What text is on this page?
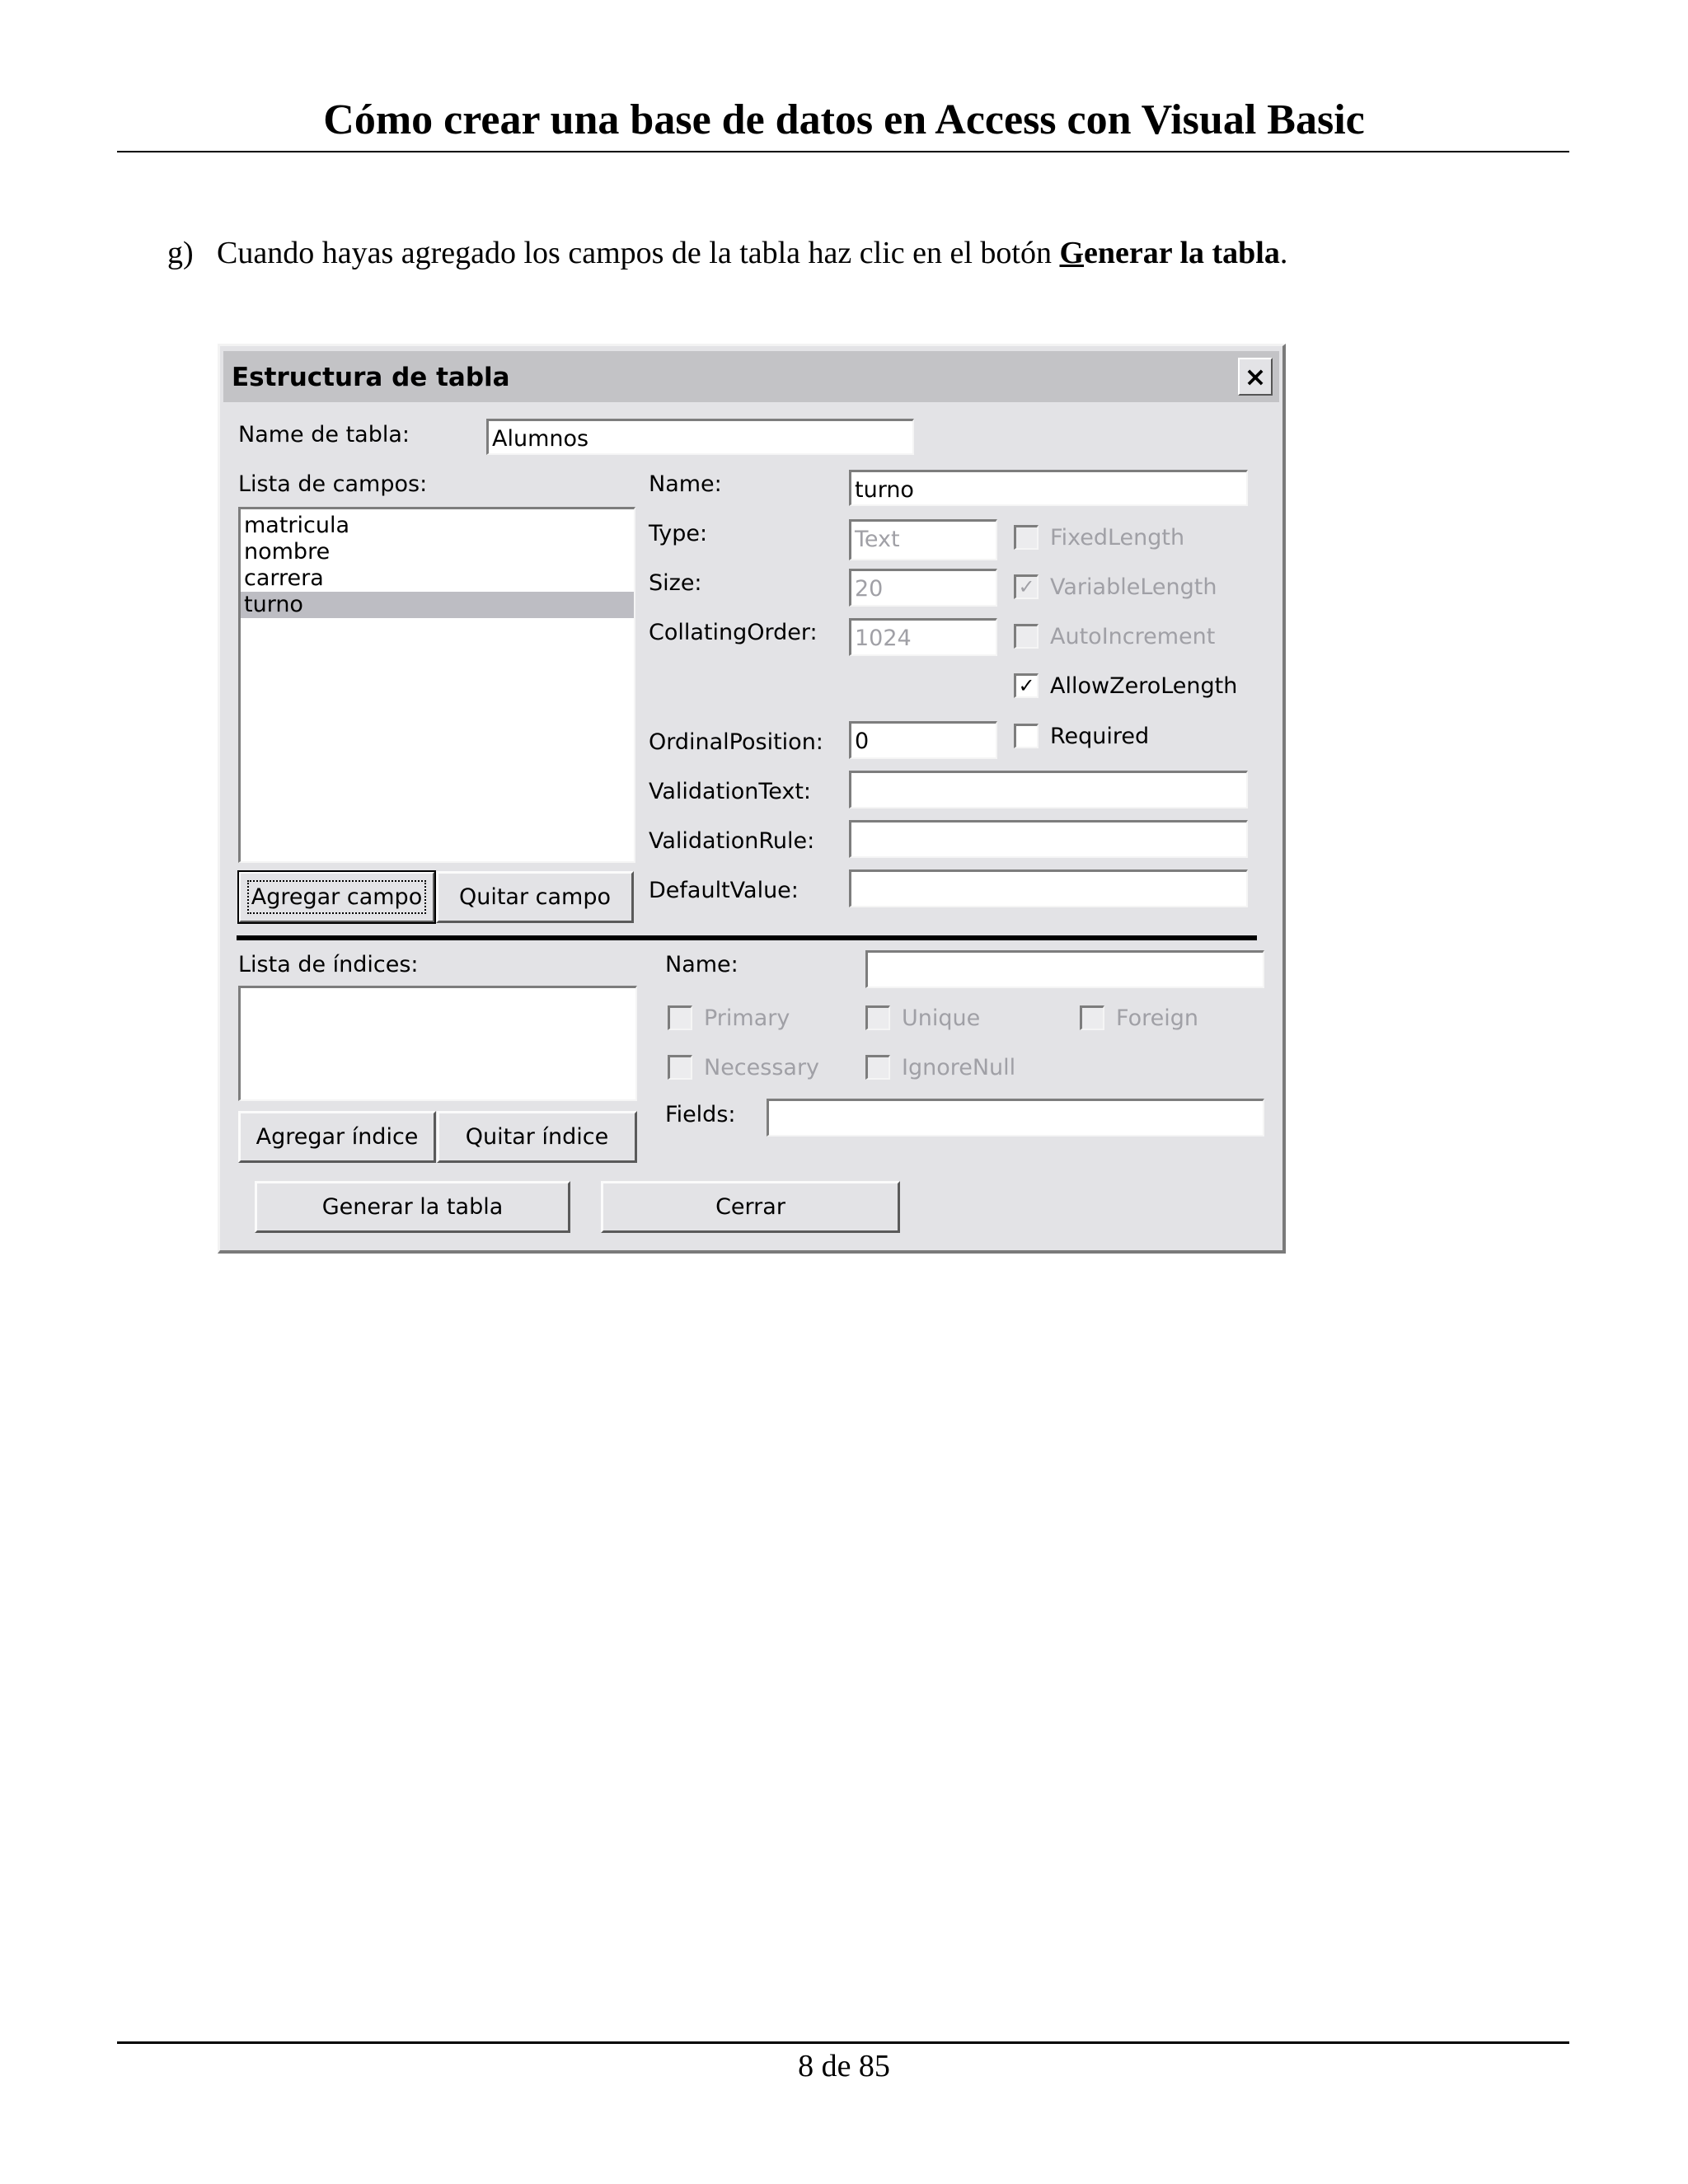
Cómo crear una base de datos en Access con Visual Basic
g) Cuando hayas agregado los campos de la tabla haz clic en el botón Generar la tabla.
Estructura de tabla	×
Name de tabla:	Alumnos
Lista de campos:
matricula
nombre
carrera
turno
Agregar campo Quitar campo
Name:	turno
Type:	Text
Size:	20
CollatingOrder: 1024
OrdinalPosition: 0
ValidationText:
ValidationRule:
DefaultValue:
FixedLength
✓ VariableLength
AutoIncrement
✓ AllowZeroLength
Required
Lista de índices:
Agregar índice Quitar índice
Name:
Primary	Unique	Foreign
Necessary	IgnoreNull
Fields:
Generar la tabla	Cerrar
8 de 85
